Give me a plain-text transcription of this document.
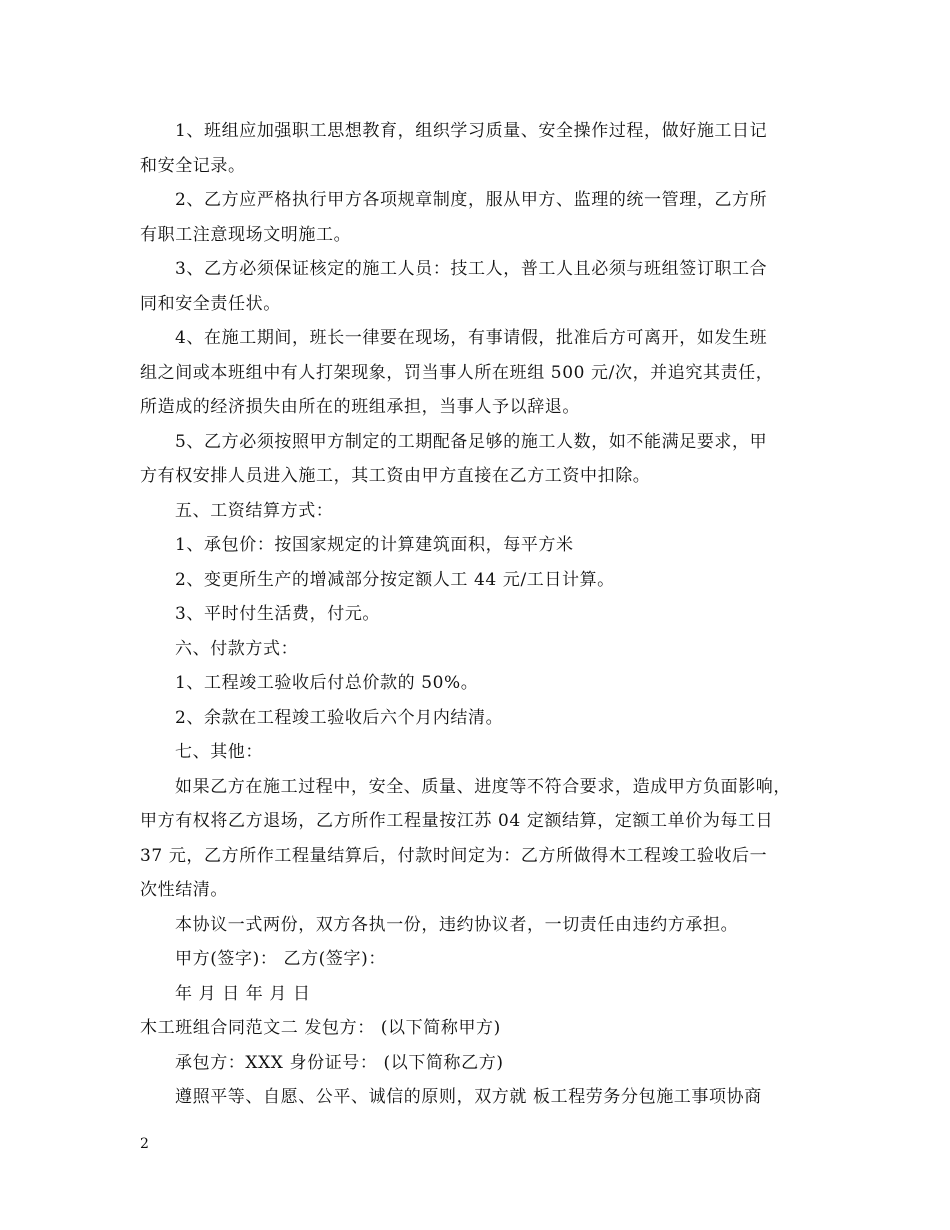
1、班组应加强职工思想教育，组织学习质量、安全操作过程，做好施工日记
和安全记录。
2、乙方应严格执行甲方各项规章制度，服从甲方、监理的统一管理，乙方所
有职工注意现场文明施工。
3、乙方必须保证核定的施工人员：技工人，普工人且必须与班组签订职工合
同和安全责任状。
4、在施工期间，班长一律要在现场，有事请假，批准后方可离开，如发生班
组之间或本班组中有人打架现象，罚当事人所在班组 500 元/次，并追究其责任，
所造成的经济损失由所在的班组承担，当事人予以辞退。
5、乙方必须按照甲方制定的工期配备足够的施工人数，如不能满足要求，甲
方有权安排人员进入施工，其工资由甲方直接在乙方工资中扣除。
五、工资结算方式：
1、承包价：按国家规定的计算建筑面积，每平方米
2、变更所生产的增减部分按定额人工 44 元/工日计算。
3、平时付生活费，付元。
六、付款方式：
1、工程竣工验收后付总价款的 50%。
2、余款在工程竣工验收后六个月内结清。
七、其他：
如果乙方在施工过程中，安全、质量、进度等不符合要求，造成甲方负面影响，
甲方有权将乙方退场，乙方所作工程量按江苏 04 定额结算，定额工单价为每工日
37 元，乙方所作工程量结算后，付款时间定为：乙方所做得木工程竣工验收后一
次性结清。
本协议一式两份，双方各执一份，违约协议者，一切责任由违约方承担。
甲方(签字)： 乙方(签字)：
年 月 日 年 月 日
木工班组合同范文二 发包方： (以下简称甲方)
承包方：XXX 身份证号： (以下简称乙方)
遵照平等、自愿、公平、诚信的原则，双方就 板工程劳务分包施工事项协商
2
